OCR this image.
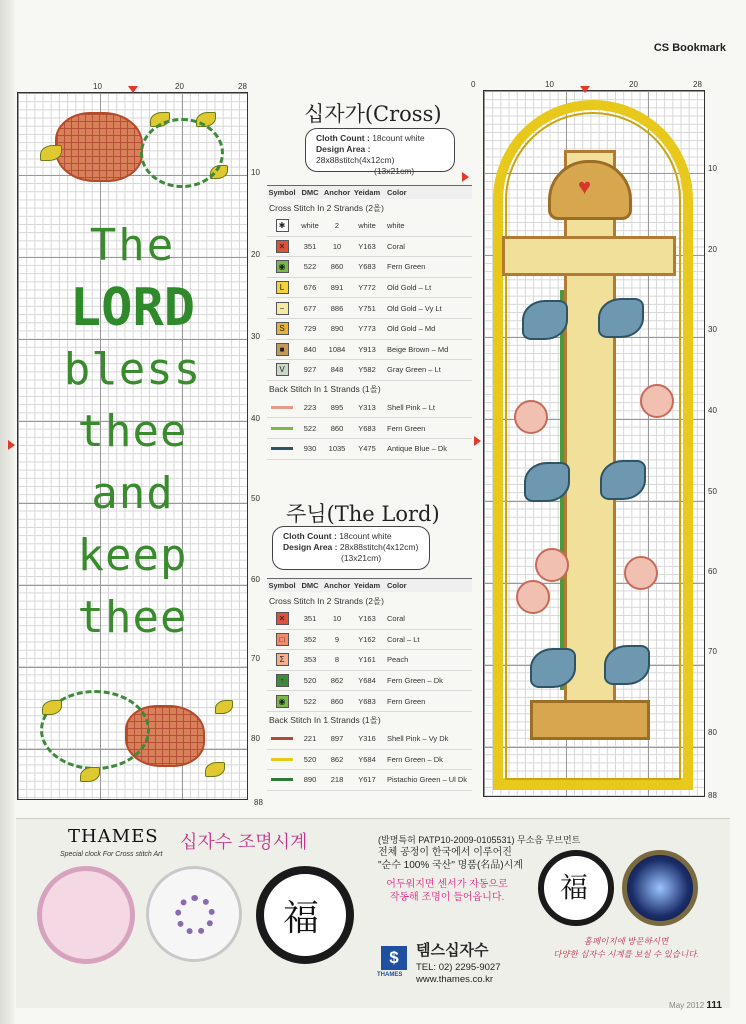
CS Bookmark
10	20	28
10
20
30
40
50
60
70
80
88
The
LORD
bless
thee
and
keep
thee
0	10	20	28
10
20
30
40
50
60
70
80
88
♥
십자가(Cross)
Cloth Count : 18count white
Design Area : 28x88stitch(4x12cm)
(13x21cm)
Symbol DMC Anchor Yeidam Color
Cross Stitch In 2 Strands (2올)
✱	white	2	white	white
✕	351	10	Y163	Coral
◉	522	860	Y683	Fern Green
L	676	891	Y772	Old Gold – Lt
−	677	886	Y751	Old Gold – Vy Lt
S	729	890	Y773	Old Gold – Md
■	840	1084	Y913	Beige Brown – Md
V	927	848	Y582	Gray Green – Lt
Back Stitch In 1 Strands (1올)
223	895	Y313	Shell Pink – Lt
522	860	Y683	Fern Green
930	1035	Y475	Antique Blue – Dk
주님(The Lord)
Cloth Count : 18count white
Design Area : 28x88stitch(4x12cm)
(13x21cm)
Symbol DMC Anchor Yeidam Color
Cross Stitch In 2 Strands (2올)
✕	351	10	Y163	Coral
□	352	9	Y162	Coral – Lt
Σ	353	8	Y161	Peach
↑	520	862	Y684	Fern Green – Dk
◉	522	860	Y683	Fern Green
Back Stitch In 1 Strands (1올)
221	897	Y316	Shell Pink – Vy Dk
520	862	Y684	Fern Green – Dk
890	218	Y617	Pistachio Green – Ul Dk
THAMES 십자수 조명시계
Special clock For Cross stitch Art
福
(발명특허 PATP10-2009-0105531) 무소음 무브먼트
전체 공정이 한국에서 이루어진
"순수 100% 국산" 명품(名品)시계
어두워지면 센서가 자동으로
작동해 조명이 들어옵니다.
$
THAMES
템스십자수
TEL: 02) 2295-9027
www.thames.co.kr
福
홈페이지에 방문하시면
다양한 십자수 시계를 보실 수 있습니다.
May 2012 111
